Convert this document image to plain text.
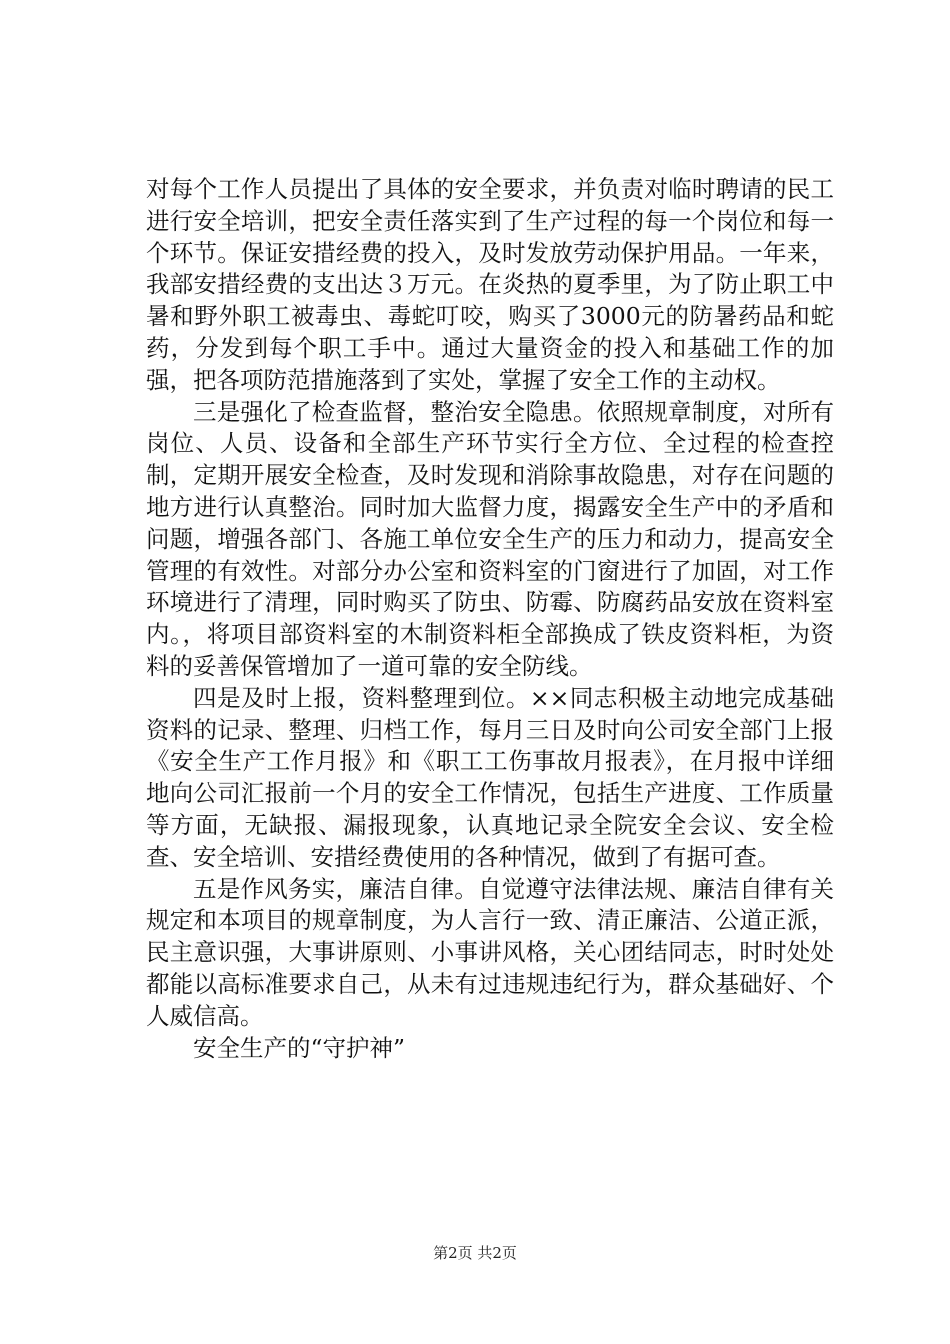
对每个工作人员提出了具体的安全要求，并负责对临时聘请的民工进行安全培训，把安全责任落实到了生产过程的每一个岗位和每一个环节。保证安措经费的投入，及时发放劳动保护用品。一年来，我部安措经费的支出达３万元。在炎热的夏季里，为了防止职工中暑和野外职工被毒虫、毒蛇叮咬，购买了3000元的防暑药品和蛇药，分发到每个职工手中。通过大量资金的投入和基础工作的加强，把各项防范措施落到了实处，掌握了安全工作的主动权。

三是强化了检查监督，整治安全隐患。依照规章制度，对所有岗位、人员、设备和全部生产环节实行全方位、全过程的检查控制，定期开展安全检查，及时发现和消除事故隐患，对存在问题的地方进行认真整治。同时加大监督力度，揭露安全生产中的矛盾和问题，增强各部门、各施工单位安全生产的压力和动力，提高安全管理的有效性。对部分办公室和资料室的门窗进行了加固，对工作环境进行了清理，同时购买了防虫、防霉、防腐药品安放在资料室内。，将项目部资料室的木制资料柜全部换成了铁皮资料柜，为资料的妥善保管增加了一道可靠的安全防线。

四是及时上报，资料整理到位。××同志积极主动地完成基础资料的记录、整理、归档工作，每月三日及时向公司安全部门上报《安全生产工作月报》和《职工工伤事故月报表》，在月报中详细地向公司汇报前一个月的安全工作情况，包括生产进度、工作质量等方面，无缺报、漏报现象，认真地记录全院安全会议、安全检查、安全培训、安措经费使用的各种情况，做到了有据可查。

五是作风务实，廉洁自律。自觉遵守法律法规、廉洁自律有关规定和本项目的规章制度，为人言行一致、清正廉洁、公道正派，民主意识强，大事讲原则、小事讲风格，关心团结同志，时时处处都能以高标准要求自己，从未有过违规违纪行为，群众基础好、个人威信高。

安全生产的“守护神”

第2页 共2页
